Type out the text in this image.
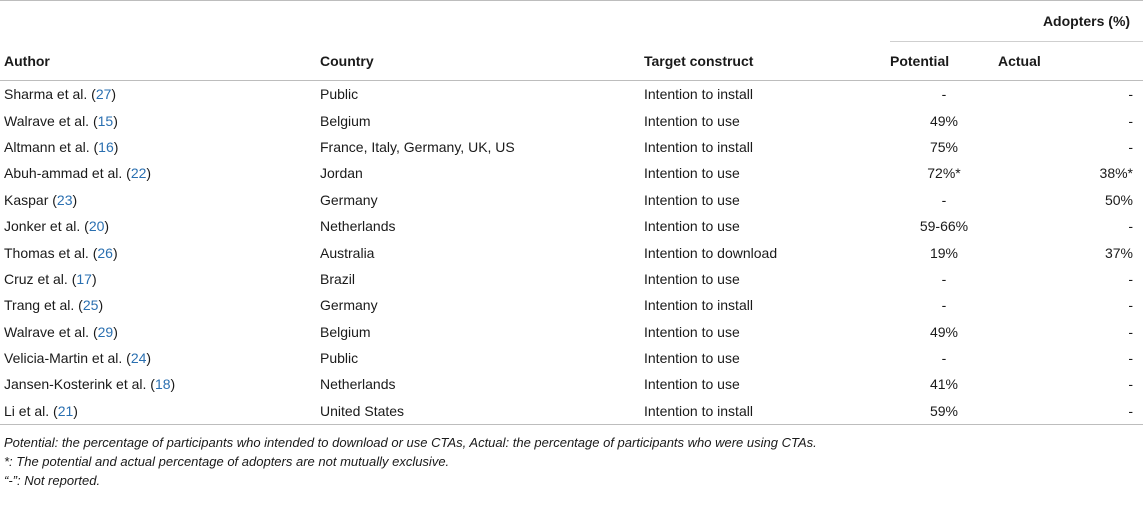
			Adopters (%)	
Author	Country	Target construct	Potential	Actual
Sharma et al. (27)	Public	Intention to install	-	-
Walrave et al. (15)	Belgium	Intention to use	49%	-
Altmann et al. (16)	France, Italy, Germany, UK, US	Intention to install	75%	-
Abuh-ammad et al. (22)	Jordan	Intention to use	72%*	38%*
Kaspar (23)	Germany	Intention to use	-	50%
Jonker et al. (20)	Netherlands	Intention to use	59-66%	-
Thomas et al. (26)	Australia	Intention to download	19%	37%
Cruz et al. (17)	Brazil	Intention to use	-	-
Trang et al. (25)	Germany	Intention to install	-	-
Walrave et al. (29)	Belgium	Intention to use	49%	-
Velicia-Martin et al. (24)	Public	Intention to use	-	-
Jansen-Kosterink et al. (18)	Netherlands	Intention to use	41%	-
Li et al. (21)	United States	Intention to install	59%	-
Potential: the percentage of participants who intended to download or use CTAs, Actual: the percentage of participants who were using CTAs.
*: The potential and actual percentage of adopters are not mutually exclusive.
“-”: Not reported.
